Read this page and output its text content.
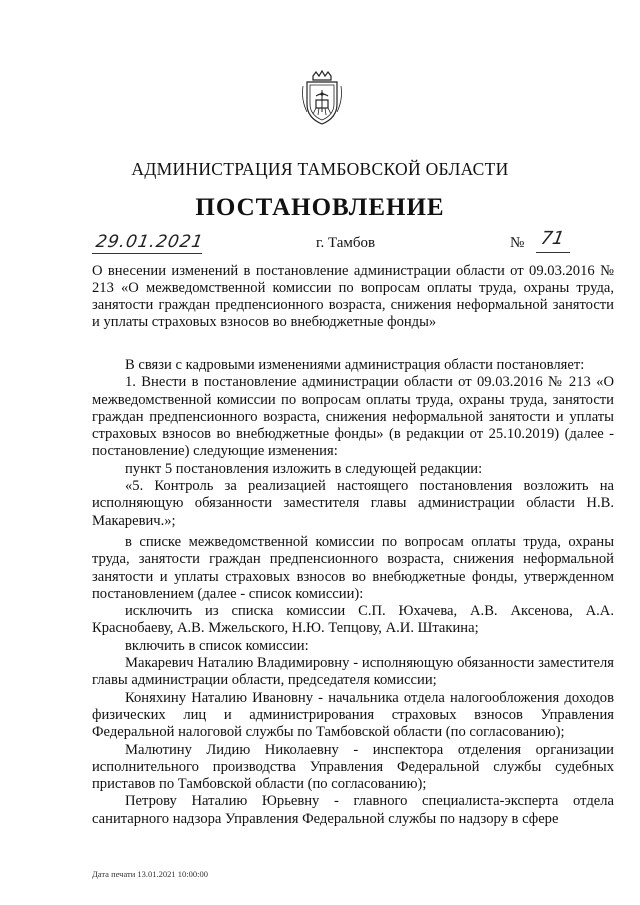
АДМИНИСТРАЦИЯ ТАМБОВСКОЙ ОБЛАСТИ
ПОСТАНОВЛЕНИЕ
29.01.2021	г. Тамбов	№ 71
О внесении изменений в постановление администрации области от 09.03.2016 № 213 «О межведомственной комиссии по вопросам оплаты труда, охраны труда, занятости граждан предпенсионного возраста, снижения неформальной занятости и уплаты страховых взносов во внебюджетные фонды»

В связи с кадровыми изменениями администрация области постановляет:

1. Внести в постановление администрации области от 09.03.2016 № 213 «О межведомственной комиссии по вопросам оплаты труда, охраны труда, занятости граждан предпенсионного возраста, снижения неформальной занятости и уплаты страховых взносов во внебюджетные фонды» (в редакции от 25.10.2019) (далее - постановление) следующие изменения:

пункт 5 постановления изложить в следующей редакции:

«5. Контроль за реализацией настоящего постановления возложить на исполняющую обязанности заместителя главы администрации области Н.В. Макаревич.»;

в списке межведомственной комиссии по вопросам оплаты труда, охраны труда, занятости граждан предпенсионного возраста, снижения неформальной занятости и уплаты страховых взносов во внебюджетные фонды, утвержденном постановлением (далее - список комиссии):

исключить из списка комиссии С.П. Юхачева, А.В. Аксенова, А.А. Краснобаеву, А.В. Мжельского, Н.Ю. Тепцову, А.И. Штакина;

включить в список комиссии:

Макаревич Наталию Владимировну - исполняющую обязанности заместителя главы администрации области, председателя комиссии;

Коняхину Наталию Ивановну - начальника отдела налогообложения доходов физических лиц и администрирования страховых взносов Управления Федеральной налоговой службы по Тамбовской области (по согласованию);

Малютину Лидию Николаевну - инспектора отделения организации исполнительного производства Управления Федеральной службы судебных приставов по Тамбовской области (по согласованию);

Петрову Наталию Юрьевну - главного специалиста-эксперта отдела санитарного надзора Управления Федеральной службы по надзору в сфере

Дата печати 13.01.2021 10:00:00
